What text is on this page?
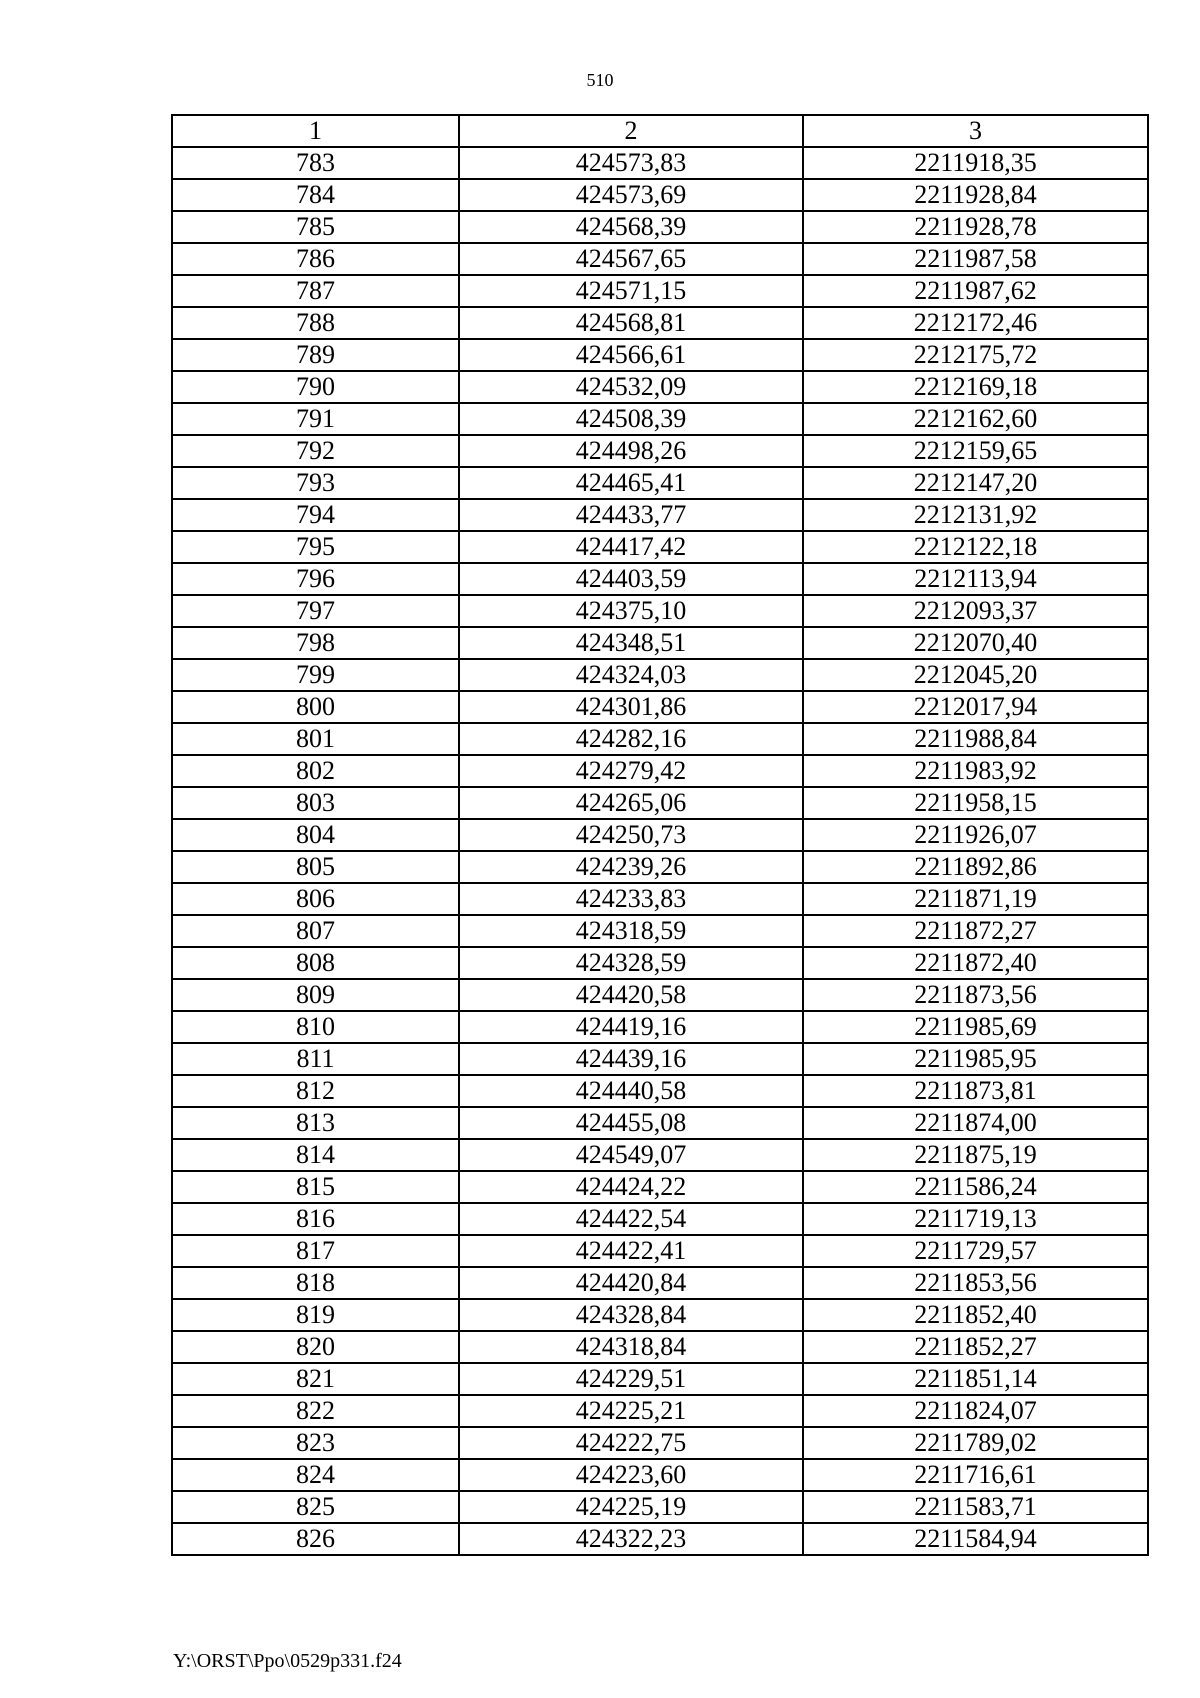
510
1	2	3
783	424573,83	2211918,35
784	424573,69	2211928,84
785	424568,39	2211928,78
786	424567,65	2211987,58
787	424571,15	2211987,62
788	424568,81	2212172,46
789	424566,61	2212175,72
790	424532,09	2212169,18
791	424508,39	2212162,60
792	424498,26	2212159,65
793	424465,41	2212147,20
794	424433,77	2212131,92
795	424417,42	2212122,18
796	424403,59	2212113,94
797	424375,10	2212093,37
798	424348,51	2212070,40
799	424324,03	2212045,20
800	424301,86	2212017,94
801	424282,16	2211988,84
802	424279,42	2211983,92
803	424265,06	2211958,15
804	424250,73	2211926,07
805	424239,26	2211892,86
806	424233,83	2211871,19
807	424318,59	2211872,27
808	424328,59	2211872,40
809	424420,58	2211873,56
810	424419,16	2211985,69
811	424439,16	2211985,95
812	424440,58	2211873,81
813	424455,08	2211874,00
814	424549,07	2211875,19
815	424424,22	2211586,24
816	424422,54	2211719,13
817	424422,41	2211729,57
818	424420,84	2211853,56
819	424328,84	2211852,40
820	424318,84	2211852,27
821	424229,51	2211851,14
822	424225,21	2211824,07
823	424222,75	2211789,02
824	424223,60	2211716,61
825	424225,19	2211583,71
826	424322,23	2211584,94
Y:\ORST\Ppo\0529p331.f24
